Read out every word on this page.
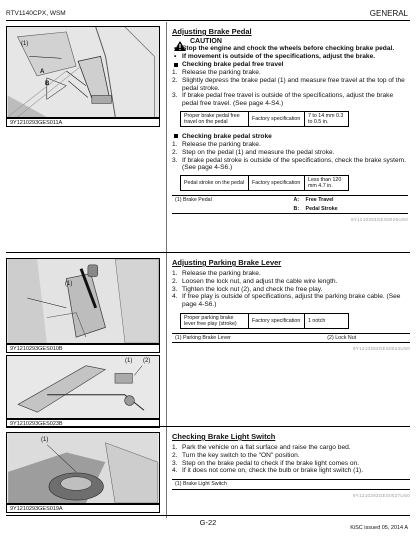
RTV1140CPX, WSM	GENERAL
(1)
A
B
9Y1210293GES011A
Adjusting Brake Pedal
CAUTION
• Stop the engine and chock the wheels before checking brake pedal.
• If movement is outside of the specifications, adjust the brake.
Checking brake pedal free travel
1. Release the parking brake.
2. Slightly depress the brake pedal (1) and measure free travel at the top of the pedal stroke.
3. If brake pedal free travel is outside of the specifications, adjust the brake pedal free travel. (See page 4-S4.)
Proper brake pedal free travel on the pedal	Factory specification	7 to 14 mm 0.3 to 0.5 in.
Checking brake pedal stroke
1. Release the parking brake.
2. Step on the pedal (1) and measure the pedal stroke.
3. If brake pedal stroke is outside of the specifications, check the brake system. (See page 4-S6.)
Pedal stroke on the pedal	Factory specification	Less than 120 mm 4.7 in.
(1) Brake Pedal	A:	Free Travel
	B:	Pedal Stroke
9Y1210293GES0025US0
(1)
9Y1210293GES010B
(1) (2)
9Y1210293GES023B
Adjusting Parking Brake Lever
1. Release the parking brake.
2. Loosen the lock nut, and adjust the cable wire length.
3. Tighten the lock nut (2), and check the free play.
4. If free play is outside of specifications, adjust the parking brake cable. (See page 4-S6.)
Proper parking brake lever free play (stroke)	Factory specification	1 notch
(1) Parking Brake Lever	(2) Lock Nut
9Y1210293GES0024US0
(1)
9Y1210293GES019A
Checking Brake Light Switch
1. Park the vehicle on a flat surface and raise the cargo bed.
2. Turn the key switch to the "ON" position.
3. Step on the brake pedal to check if the brake light comes on.
4. If it does not come on, check the bulb or brake light switch (1).
(1) Brake Light Switch
9Y1210293GES0027US0
G-22
KiSC issued 05, 2014 A
